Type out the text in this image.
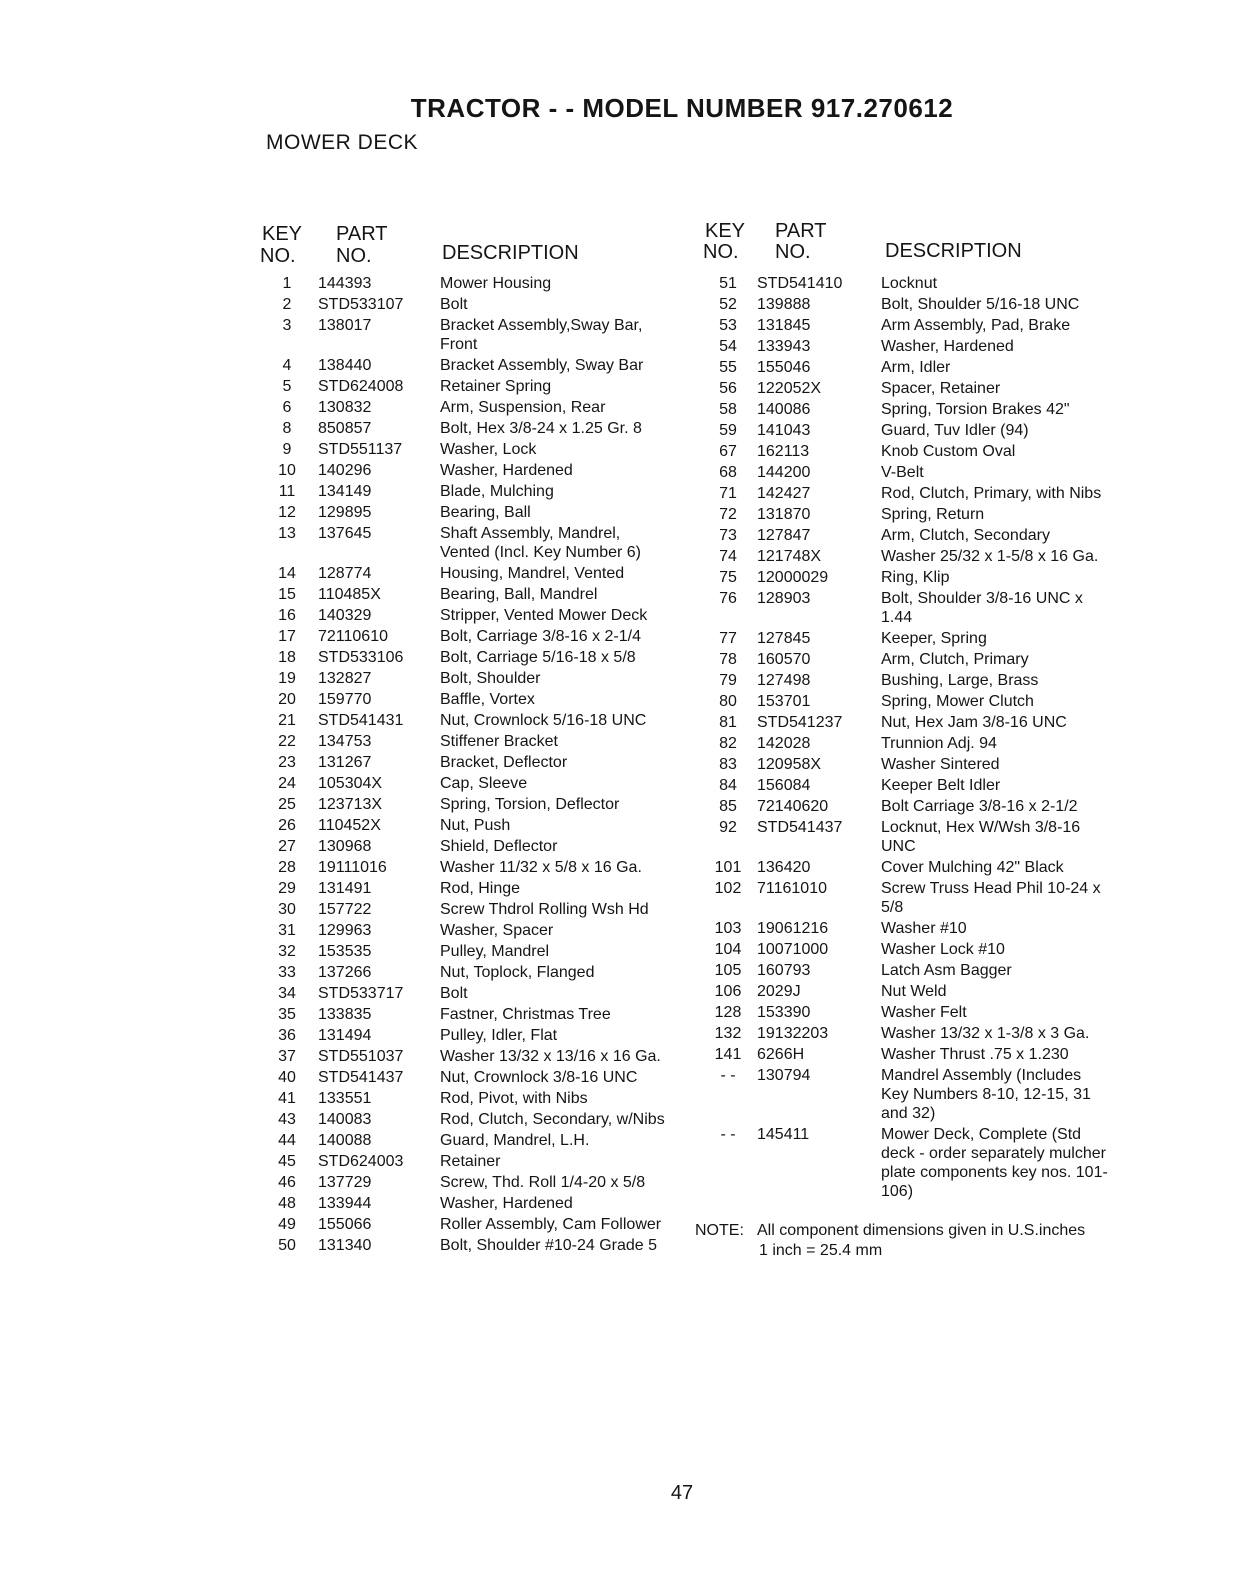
TRACTOR - - MODEL NUMBER 917.270612
MOWER DECK
KEY
NO.
PART
NO.	DESCRIPTION
1	144393	Mower Housing
2	STD533107	Bolt
3	138017	Bracket Assembly,Sway Bar,
Front
4	138440	Bracket Assembly, Sway Bar
5	STD624008	Retainer Spring
6	130832	Arm, Suspension, Rear
8	850857	Bolt, Hex 3/8-24 x 1.25 Gr. 8
9	STD551137	Washer, Lock
10	140296	Washer, Hardened
11	134149	Blade, Mulching
12	129895	Bearing, Ball
13	137645	Shaft Assembly, Mandrel,
Vented (Incl. Key Number 6)
14	128774	Housing, Mandrel, Vented
15	110485X	Bearing, Ball, Mandrel
16	140329	Stripper, Vented Mower Deck
17	72110610	Bolt, Carriage 3/8-16 x 2-1/4
18	STD533106	Bolt, Carriage 5/16-18 x 5/8
19	132827	Bolt, Shoulder
20	159770	Baffle, Vortex
21	STD541431	Nut, Crownlock 5/16-18 UNC
22	134753	Stiffener Bracket
23	131267	Bracket, Deflector
24	105304X	Cap, Sleeve
25	123713X	Spring, Torsion, Deflector
26	110452X	Nut, Push
27	130968	Shield, Deflector
28	19111016	Washer 11/32 x 5/8 x 16 Ga.
29	131491	Rod, Hinge
30	157722	Screw Thdrol Rolling Wsh Hd
31	129963	Washer, Spacer
32	153535	Pulley, Mandrel
33	137266	Nut, Toplock, Flanged
34	STD533717	Bolt
35	133835	Fastner, Christmas Tree
36	131494	Pulley, Idler, Flat
37	STD551037	Washer 13/32 x 13/16 x 16 Ga.
40	STD541437	Nut, Crownlock 3/8-16 UNC
41	133551	Rod, Pivot, with Nibs
43	140083	Rod, Clutch, Secondary, w/Nibs
44	140088	Guard, Mandrel, L.H.
45	STD624003	Retainer
46	137729	Screw, Thd. Roll 1/4-20 x 5/8
48	133944	Washer, Hardened
49	155066	Roller Assembly, Cam Follower
50	131340	Bolt, Shoulder #10-24 Grade 5
KEY
NO.
PART
NO.	DESCRIPTION
51	STD541410	Locknut
52	139888	Bolt, Shoulder 5/16-18 UNC
53	131845	Arm Assembly, Pad, Brake
54	133943	Washer, Hardened
55	155046	Arm, Idler
56	122052X	Spacer, Retainer
58	140086	Spring, Torsion Brakes 42"
59	141043	Guard, Tuv Idler (94)
67	162113	Knob Custom Oval
68	144200	V-Belt
71	142427	Rod, Clutch, Primary, with Nibs
72	131870	Spring, Return
73	127847	Arm, Clutch, Secondary
74	121748X	Washer 25/32 x 1-5/8 x 16 Ga.
75	12000029	Ring, Klip
76	128903	Bolt, Shoulder 3/8-16 UNC x
1.44
77	127845	Keeper, Spring
78	160570	Arm, Clutch, Primary
79	127498	Bushing, Large, Brass
80	153701	Spring, Mower Clutch
81	STD541237	Nut, Hex Jam 3/8-16 UNC
82	142028	Trunnion Adj. 94
83	120958X	Washer Sintered
84	156084	Keeper Belt Idler
85	72140620	Bolt Carriage 3/8-16 x 2-1/2
92	STD541437	Locknut, Hex W/Wsh 3/8-16
UNC
101	136420	Cover Mulching 42" Black
102	71161010	Screw Truss Head Phil 10-24 x
5/8
103	19061216	Washer #10
104	10071000	Washer Lock #10
105	160793	Latch Asm Bagger
106	2029J	Nut Weld
128	153390	Washer Felt
132	19132203	Washer 13/32 x 1-3/8 x 3 Ga.
141	6266H	Washer Thrust .75 x 1.230
- -	130794	Mandrel Assembly (Includes
Key Numbers 8-10, 12-15, 31
and 32)
- -	145411	Mower Deck, Complete (Std
deck - order separately mulcher
plate components key nos. 101-
106)
NOTE: All component dimensions given in U.S.inches
1 inch = 25.4 mm
47
